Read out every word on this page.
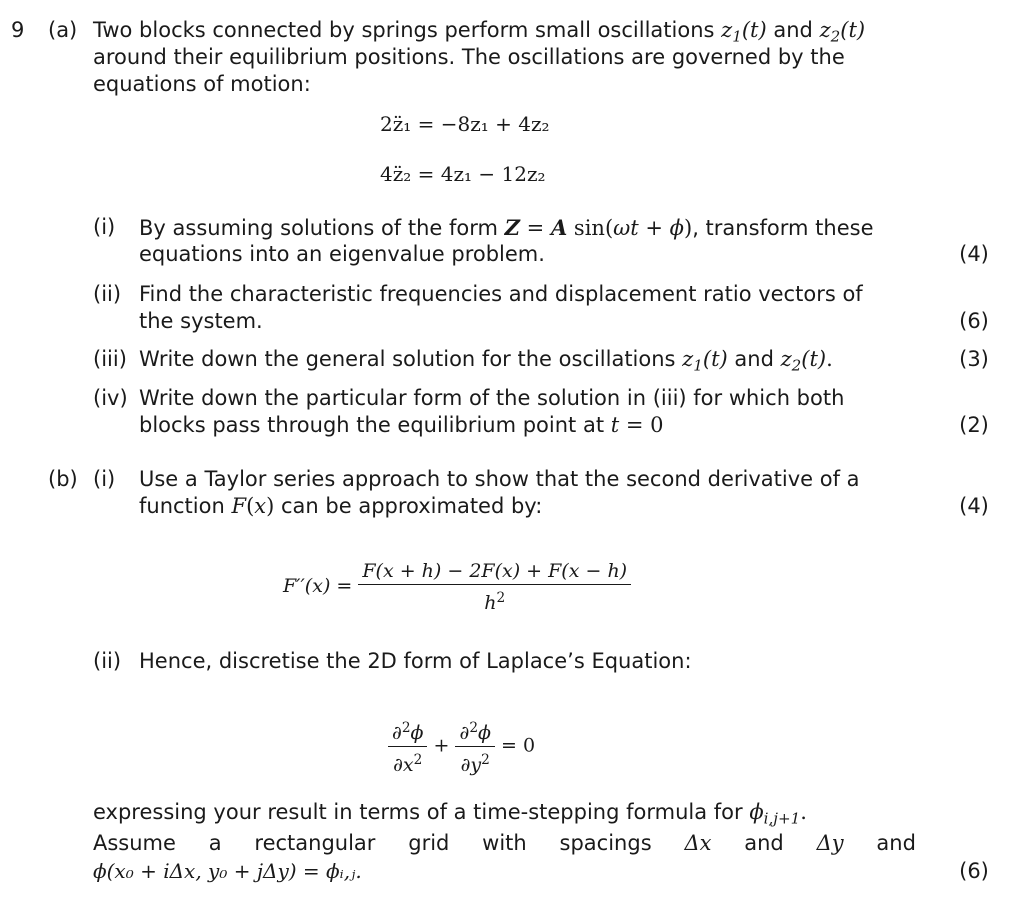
9 (a) Two blocks connected by springs perform small oscillations $z_1(t)$ and $z_2(t)$
around their equilibrium positions. The oscillations are governed by the
equations of motion:
2z̈₁ = −8z₁ + 4z₂
4z̈₂ = 4z₁ − 12z₂
(i) By assuming solutions of the form Z = A sin(ωt + ϕ), transform these
equations into an eigenvalue problem.	(4)
(ii) Find the characteristic frequencies and displacement ratio vectors of
the system.	(6)
(iii) Write down the general solution for the oscillations $z_1(t)$ and $z_2(t)$.	(3)
(iv) Write down the particular form of the solution in (iii) for which both
blocks pass through the equilibrium point at t = 0	(2)
(b) (i) Use a Taylor series approach to show that the second derivative of a
function F(x) can be approximated by:	(4)
$F''(x) = \frac{F(x + h) - 2F(x) + F(x - h)}{h^2}$
(ii) Hence, discretise the 2D form of Laplace’s Equation:
$\frac{\partial^2\phi}{\partial x^2} + \frac{\partial^2\phi}{\partial y^2} = 0$
expressing your result in terms of a time-stepping formula for $\phi_{i,j+1}$.
Assume a rectangular grid with spacings Δx and Δy and
ϕ(x₀ + iΔx, y₀ + jΔy) = ϕᵢ,ⱼ.	(6)
